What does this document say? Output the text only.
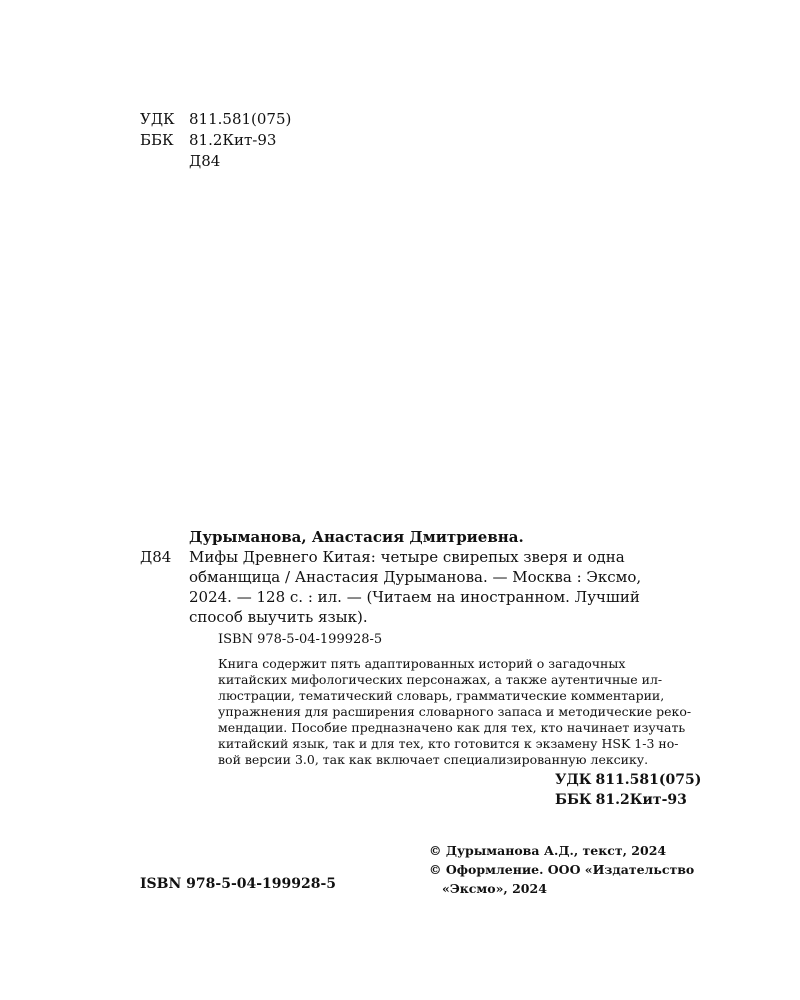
УДК 811.581(075)
ББК	81.2Кит-93
Д84
Дурыманова, Анастасия Дмитриевна.
Д84 Мифы Древнего Китая: четыре свирепых зверя и одна
обманщица / Анастасия Дурыманова. — Москва : Эксмо,
2024. — 128 с. : ил. — (Читаем на иностранном. Лучший
способ выучить язык).
ISBN 978-5-04-199928-5
Книга содержит пять адаптированных историй о загадочных
китайских мифологических персонажах, а также аутентичные ил-
люстрации, тематический словарь, грамматические комментарии,
упражнения для расширения словарного запаса и методические реко-
мендации. Пособие предназначено как для тех, кто начинает изучать
китайский язык, так и для тех, кто готовится к экзамену HSK 1-3 но-
вой версии 3.0, так как включает специализированную лексику.
УДК 811.581(075)
ББК 81.2Кит-93
© Дурыманова А.Д., текст, 2024
© Оформление. ООО «Издательство
«Эксмо», 2024
ISBN 978-5-04-199928-5
